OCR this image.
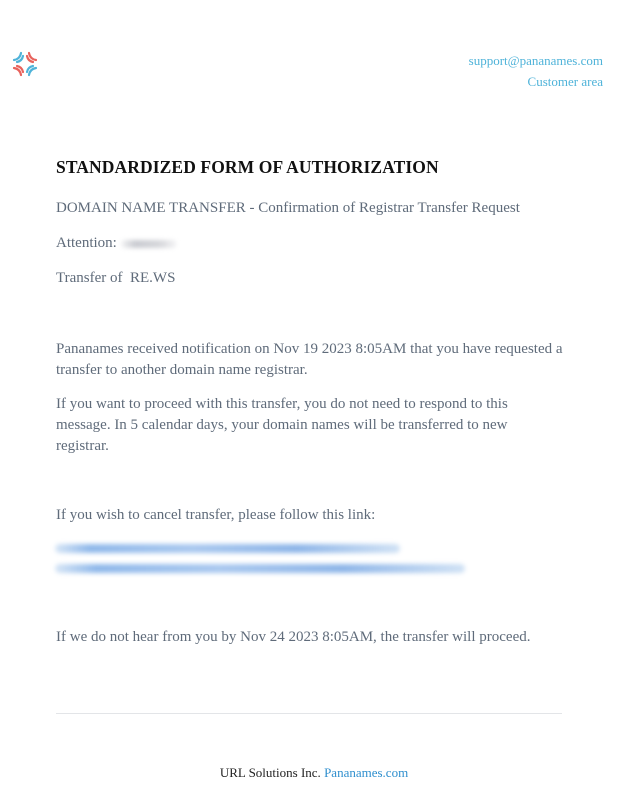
support@pananames.com
Customer area
STANDARDIZED FORM OF AUTHORIZATION

DOMAIN NAME TRANSFER - Confirmation of Registrar Transfer Request

Attention:

Transfer of  RE.WS

Pananames received notification on Nov 19 2023 8:05AM that you have requested a transfer to another domain name registrar.

If you want to proceed with this transfer, you do not need to respond to this message. In 5 calendar days, your domain names will be transferred to new registrar.

If you wish to cancel transfer, please follow this link:

If we do not hear from you by Nov 24 2023 8:05AM, the transfer will proceed.

URL Solutions Inc. Pananames.com
